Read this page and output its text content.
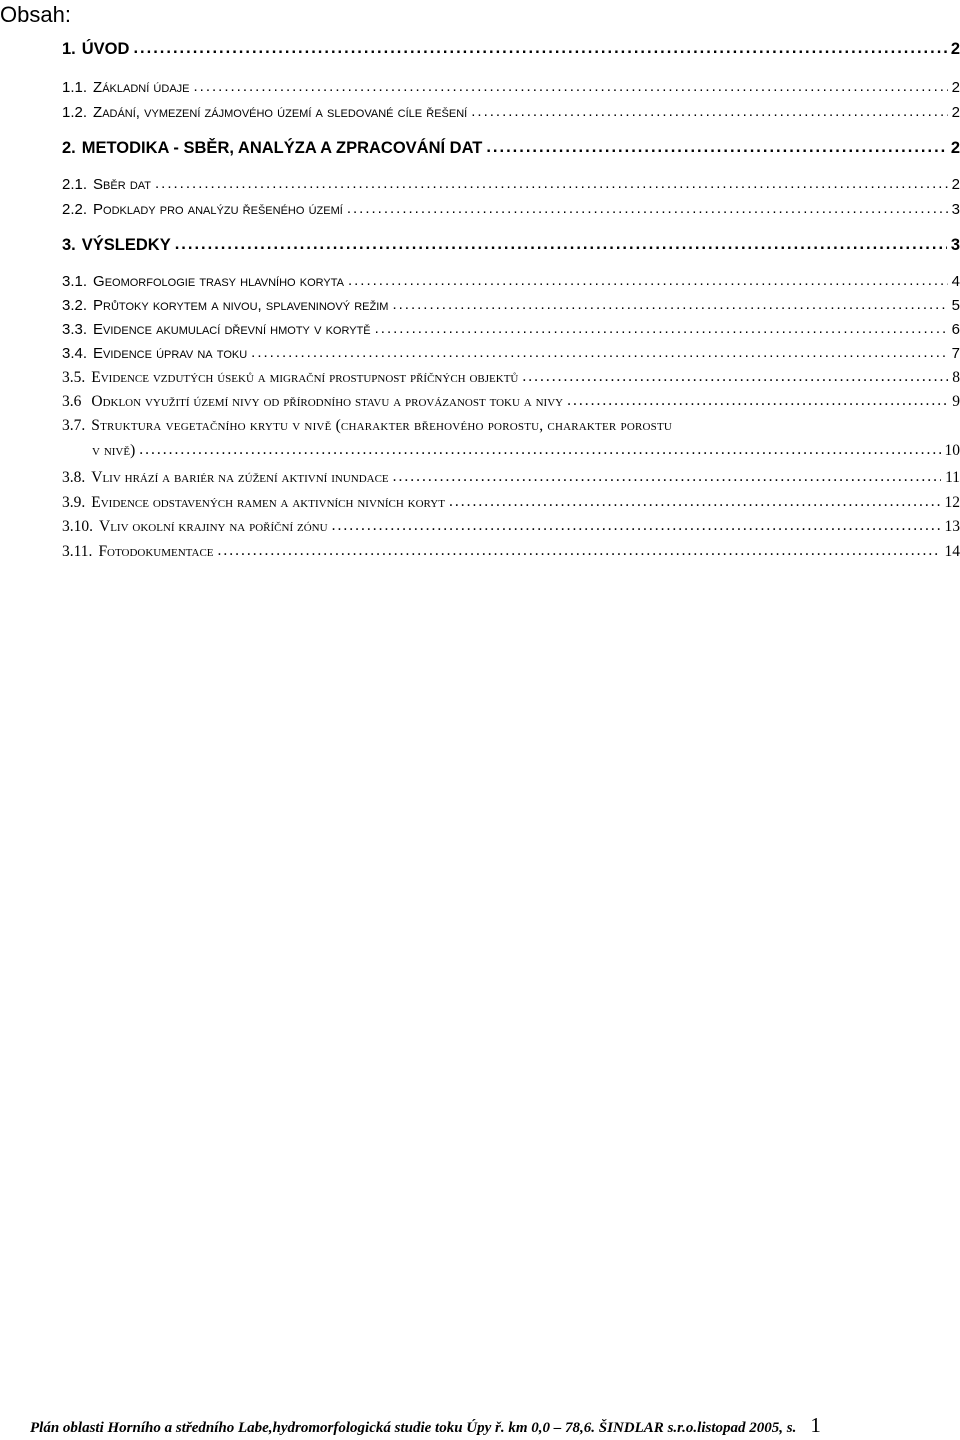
Obsah:
1. ÚVOD .....	2
1.1. Základní údaje .....	2
1.2. Zadání, vymezení zájmového území a sledované cíle řešení .....	2
2. METODIKA - SBĚR, ANALÝZA A ZPRACOVÁNÍ DAT .....	2
2.1. Sběr dat .....	2
2.2. Podklady pro analýzu řešeného území .....	3
3. VÝSLEDKY .....	3
3.1. Geomorfologie trasy hlavního koryta .....	4
3.2. Průtoky korytem a nivou, splaveninový režim .....	5
3.3. Evidence akumulací dřevní hmoty v korytě .....	6
3.4. Evidence úprav na toku .....	7
3.5. Evidence vzdutých úseků a migrační prostupnost příčných objektů .....	8
3.6 Odklon využití území nivy od přírodního stavu a provázanost toku a nivy .....	9
3.7. Struktura vegetačního krytu v nivě (charakter břehového porostu, charakter porostu
v nivě) .....	10
3.8. Vliv hrází a bariér na zúžení aktivní inundace .....	11
3.9. Evidence odstavených ramen a aktivních nivních koryt .....	12
3.10. Vliv okolní krajiny na poříční zónu .....	13
3.11. Fotodokumentace .....	14
Plán oblasti Horního a středního Labe,hydromorfologická studie toku Úpy ř. km 0,0 – 78,6. ŠINDLAR s.r.o.listopad 2005, s. 1
